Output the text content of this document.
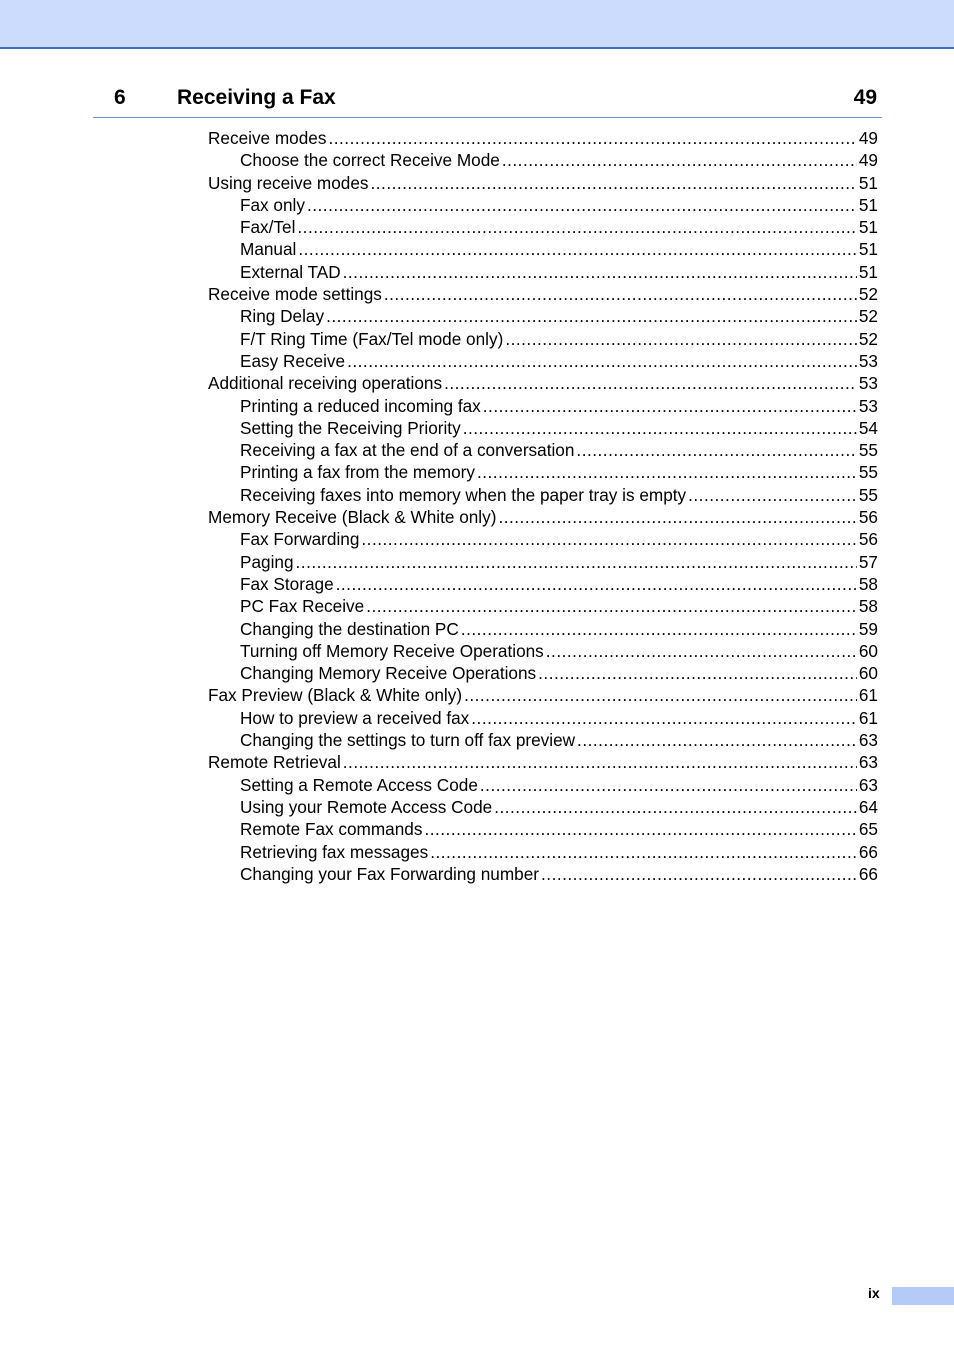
6 Receiving a Fax	49
Receive modes .....	49
Choose the correct Receive Mode .....	49
Using receive modes .....	51
Fax only .....	51
Fax/Tel .....	51
Manual .....	51
External TAD .....	51
Receive mode settings .....	52
Ring Delay .....	52
F/T Ring Time (Fax/Tel mode only) .....	52
Easy Receive .....	53
Additional receiving operations .....	53
Printing a reduced incoming fax .....	53
Setting the Receiving Priority .....	54
Receiving a fax at the end of a conversation .....	55
Printing a fax from the memory .....	55
Receiving faxes into memory when the paper tray is empty .....	55
Memory Receive (Black & White only) .....	56
Fax Forwarding .....	56
Paging .....	57
Fax Storage .....	58
PC Fax Receive .....	58
Changing the destination PC .....	59
Turning off Memory Receive Operations .....	60
Changing Memory Receive Operations .....	60
Fax Preview (Black & White only) .....	61
How to preview a received fax .....	61
Changing the settings to turn off fax preview .....	63
Remote Retrieval .....	63
Setting a Remote Access Code .....	63
Using your Remote Access Code .....	64
Remote Fax commands .....	65
Retrieving fax messages .....	66
Changing your Fax Forwarding number .....	66
ix
